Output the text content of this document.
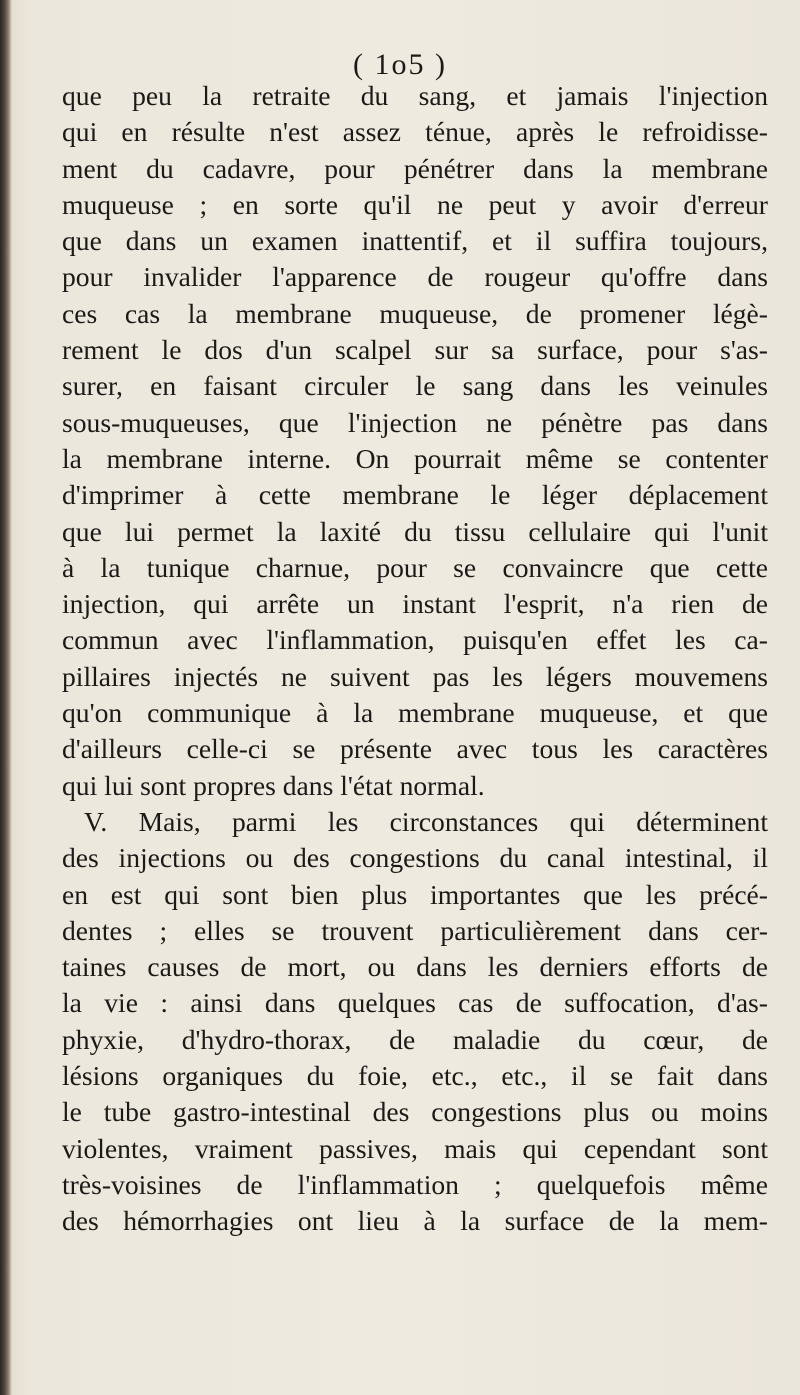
( 1o5 )
que peu la retraite du sang, et jamais l'injection
qui en résulte n'est assez ténue, après le refroidisse-
ment du cadavre, pour pénétrer dans la membrane
muqueuse ; en sorte qu'il ne peut y avoir d'erreur
que dans un examen inattentif, et il suffira toujours,
pour invalider l'apparence de rougeur qu'offre dans
ces cas la membrane muqueuse, de promener légè-
rement le dos d'un scalpel sur sa surface, pour s'as-
surer, en faisant circuler le sang dans les veinules
sous-muqueuses, que l'injection ne pénètre pas dans
la membrane interne. On pourrait même se contenter
d'imprimer à cette membrane le léger déplacement
que lui permet la laxité du tissu cellulaire qui l'unit
à la tunique charnue, pour se convaincre que cette
injection, qui arrête un instant l'esprit, n'a rien de
commun avec l'inflammation, puisqu'en effet les ca-
pillaires injectés ne suivent pas les légers mouvemens
qu'on communique à la membrane muqueuse, et que
d'ailleurs celle-ci se présente avec tous les caractères
qui lui sont propres dans l'état normal.
V. Mais, parmi les circonstances qui déterminent
des injections ou des congestions du canal intestinal, il
en est qui sont bien plus importantes que les précé-
dentes ; elles se trouvent particulièrement dans cer-
taines causes de mort, ou dans les derniers efforts de
la vie : ainsi dans quelques cas de suffocation, d'as-
phyxie, d'hydro-thorax, de maladie du cœur, de
lésions organiques du foie, etc., etc., il se fait dans
le tube gastro-intestinal des congestions plus ou moins
violentes, vraiment passives, mais qui cependant sont
très-voisines de l'inflammation ; quelquefois même
des hémorrhagies ont lieu à la surface de la mem-
